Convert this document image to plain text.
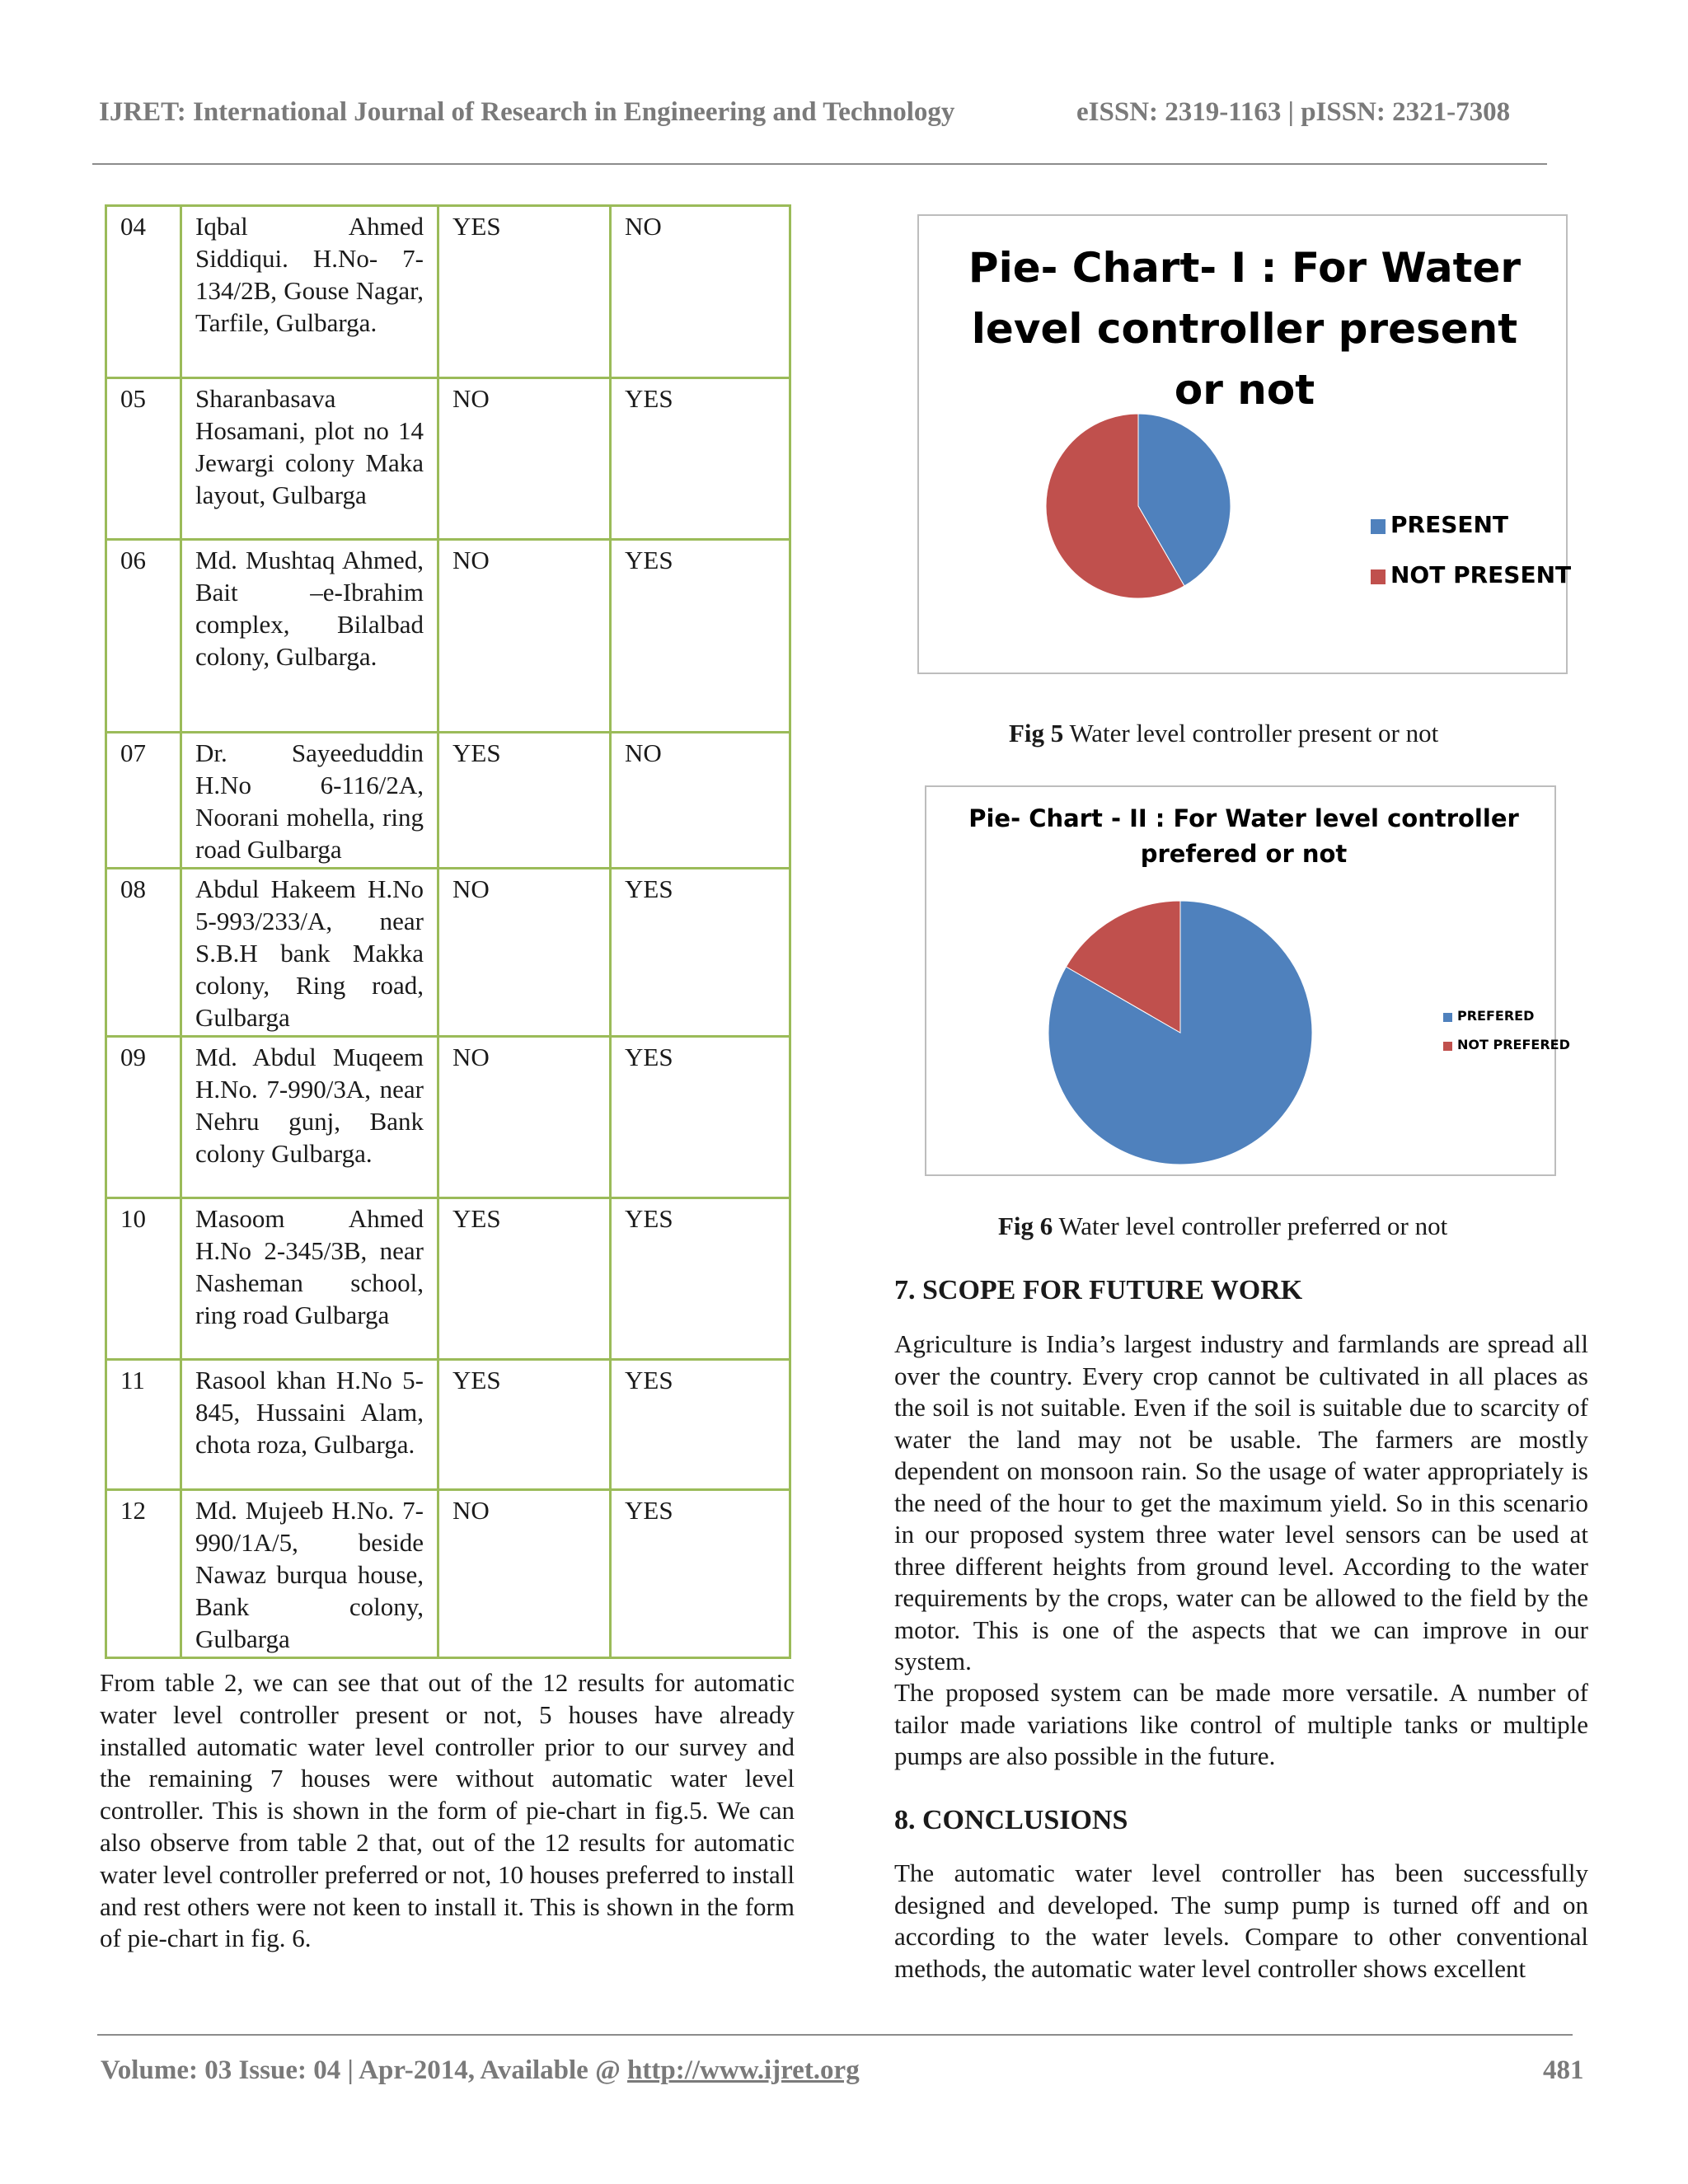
IJRET: International Journal of Research in Engineering and Technology	eISSN: 2319-1163 | pISSN: 2321-7308
04	Iqbal Ahmed Siddiqui. H.No- 7-134/2B, Gouse Nagar, Tarfile, Gulbarga.	YES	NO
05	Sharanbasava Hosamani, plot no 14 Jewargi colony Maka layout, Gulbarga	NO	YES
06	Md. Mushtaq Ahmed, Bait –e-Ibrahim complex, Bilalbad colony, Gulbarga.	NO	YES
07	Dr. Sayeeduddin H.No 6-116/2A, Noorani mohella, ring road Gulbarga	YES	NO
08	Abdul Hakeem H.No 5-993/233/A, near S.B.H bank Makka colony, Ring road, Gulbarga	NO	YES
09	Md. Abdul Muqeem H.No. 7-990/3A, near Nehru gunj, Bank colony Gulbarga.	NO	YES
10	Masoom Ahmed H.No 2-345/3B, near Nasheman school, ring road Gulbarga	YES	YES
11	Rasool khan H.No 5-845, Hussaini Alam, chota roza, Gulbarga.	YES	YES
12	Md. Mujeeb H.No. 7-990/1A/5, beside Nawaz burqua house, Bank colony, Gulbarga	NO	YES

From table 2, we can see that out of the 12 results for automatic water level controller present or not, 5 houses have already installed automatic water level controller prior to our survey and the remaining 7 houses were without automatic water level controller. This is shown in the form of pie-chart in fig.5. We can also observe from table 2 that, out of the 12 results for automatic water level controller preferred or not, 10 houses preferred to install and rest others were not keen to install it. This is shown in the form of pie-chart in fig. 6.

Pie- Chart- I : For Water
level controller present
or not
PRESENT
NOT PRESENT
Fig 5 Water level controller present or not
Pie- Chart - II : For Water level controller
prefered or not
PREFERED
NOT PREFERED
Fig 6 Water level controller preferred or not
7. SCOPE FOR FUTURE WORK

Agriculture is India’s largest industry and farmlands are spread all over the country. Every crop cannot be cultivated in all places as the soil is not suitable. Even if the soil is suitable due to scarcity of water the land may not be usable. The farmers are mostly dependent on monsoon rain. So the usage of water appropriately is the need of the hour to get the maximum yield. So in this scenario in our proposed system three water level sensors can be used at three different heights from ground level. According to the water requirements by the crops, water can be allowed to the field by the motor. This is one of the aspects that we can improve in our system.

The proposed system can be made more versatile. A number of tailor made variations like control of multiple tanks or multiple pumps are also possible in the future.

8. CONCLUSIONS

The automatic water level controller has been successfully designed and developed. The sump pump is turned off and on according to the water levels. Compare to other conventional methods, the automatic water level controller shows excellent

Volume: 03 Issue: 04 | Apr-2014, Available @ http://www.ijret.org	481
